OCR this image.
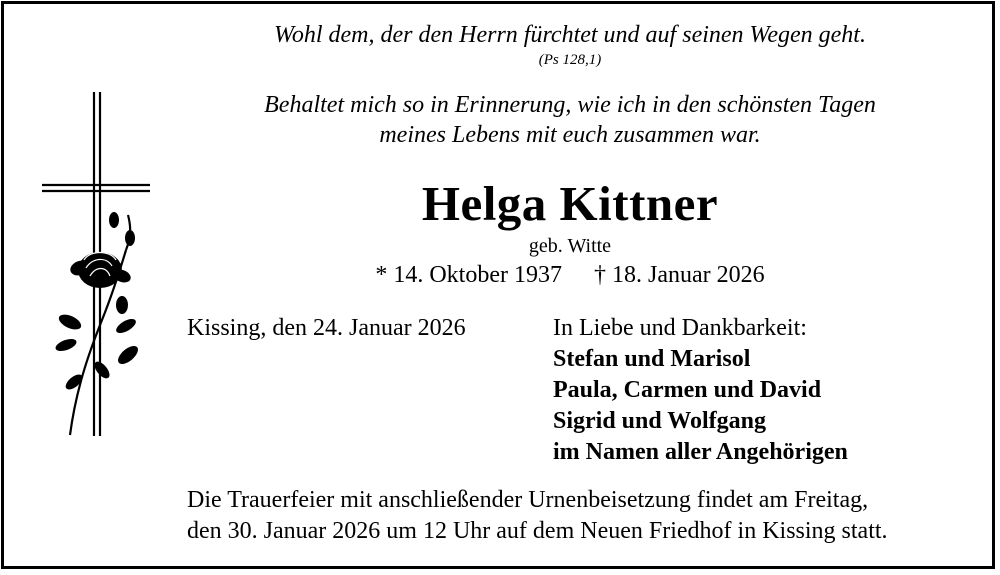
Wohl dem, der den Herrn fürchtet und auf seinen Wegen geht.
(Ps 128,1)
Behaltet mich so in Erinnerung, wie ich in den schönsten Tagen
meines Lebens mit euch zusammen war.
Helga Kittner
geb. Witte
* 14. Oktober 1937 † 18. Januar 2026
Kissing, den 24. Januar 2026	In Liebe und Dankbarkeit:
Stefan und Marisol
Paula, Carmen und David
Sigrid und Wolfgang
im Namen aller Angehörigen
Die Trauerfeier mit anschließender Urnenbeisetzung findet am Freitag,
den 30. Januar 2026 um 12 Uhr auf dem Neuen Friedhof in Kissing statt.
